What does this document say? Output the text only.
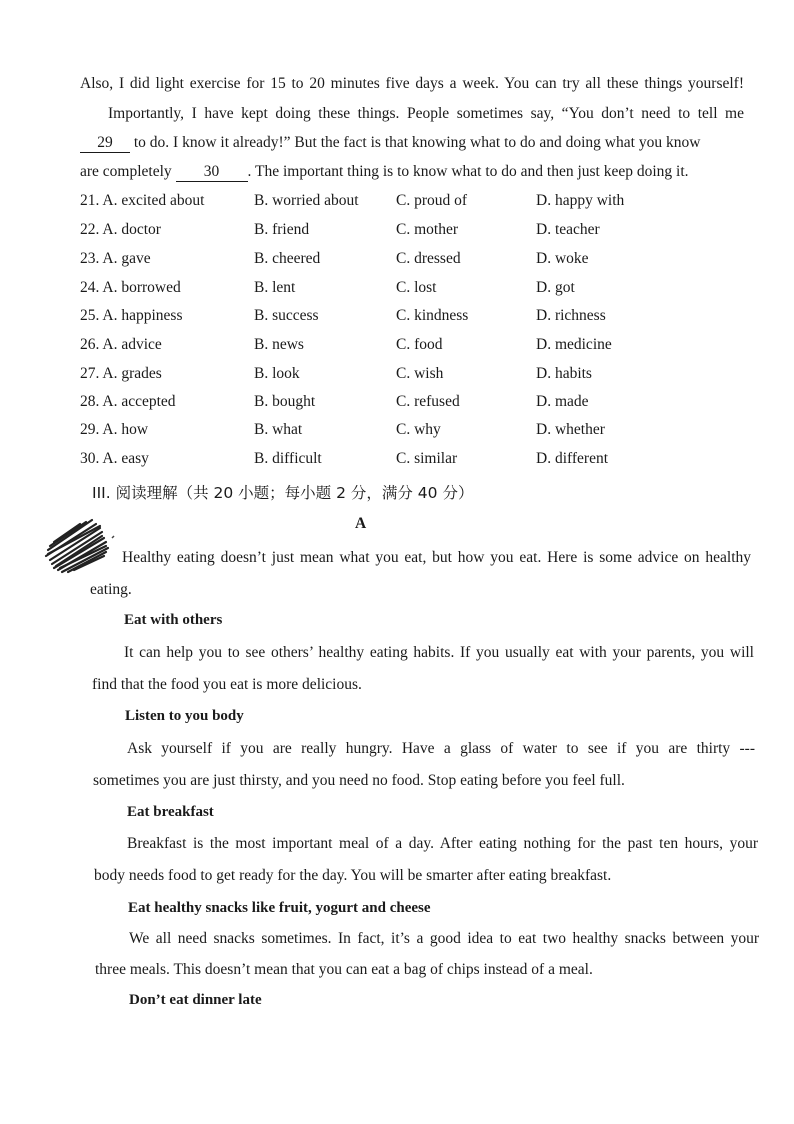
Also, I did light exercise for 15 to 20 minutes five days a week. You can try all these things yourself!
Importantly, I have kept doing these things. People sometimes say, “You don’t need to tell me
29 to do. I know it already!” But the fact is that knowing what to do and doing what you know
are completely 30 . The important thing is to know what to do and then just keep doing it.
21. A. excited about	B. worried about C. proud of	D. happy with
22. A. doctor	B. friend	C. mother	D. teacher
23. A. gave	B. cheered	C. dressed	D. woke
24. A. borrowed	B. lent	C. lost	D. got
25. A. happiness	B. success	C. kindness	D. richness
26. A. advice	B. news	C. food	D. medicine
27. A. grades	B. look	C. wish	D. habits
28. A. accepted	B. bought	C. refused	D. made
29. A. how	B. what	C. why	D. whether
30. A. easy	B. difficult	C. similar	D. different
III. 阅读理解（共 20 小题；每小题 2 分，满分 40 分）
A
Healthy eating doesn’t just mean what you eat, but how you eat. Here is some advice on healthy
eating.
Eat with others
It can help you to see others’ healthy eating habits. If you usually eat with your parents, you will
find that the food you eat is more delicious.
Listen to you body
Ask yourself if you are really hungry. Have a glass of water to see if you are thirty ---
sometimes you are just thirsty, and you need no food. Stop eating before you feel full.
Eat breakfast
Breakfast is the most important meal of a day. After eating nothing for the past ten hours, your
body needs food to get ready for the day. You will be smarter after eating breakfast.
Eat healthy snacks like fruit, yogurt and cheese
We all need snacks sometimes. In fact, it’s a good idea to eat two healthy snacks between your
three meals. This doesn’t mean that you can eat a bag of chips instead of a meal.
Don’t eat dinner late
